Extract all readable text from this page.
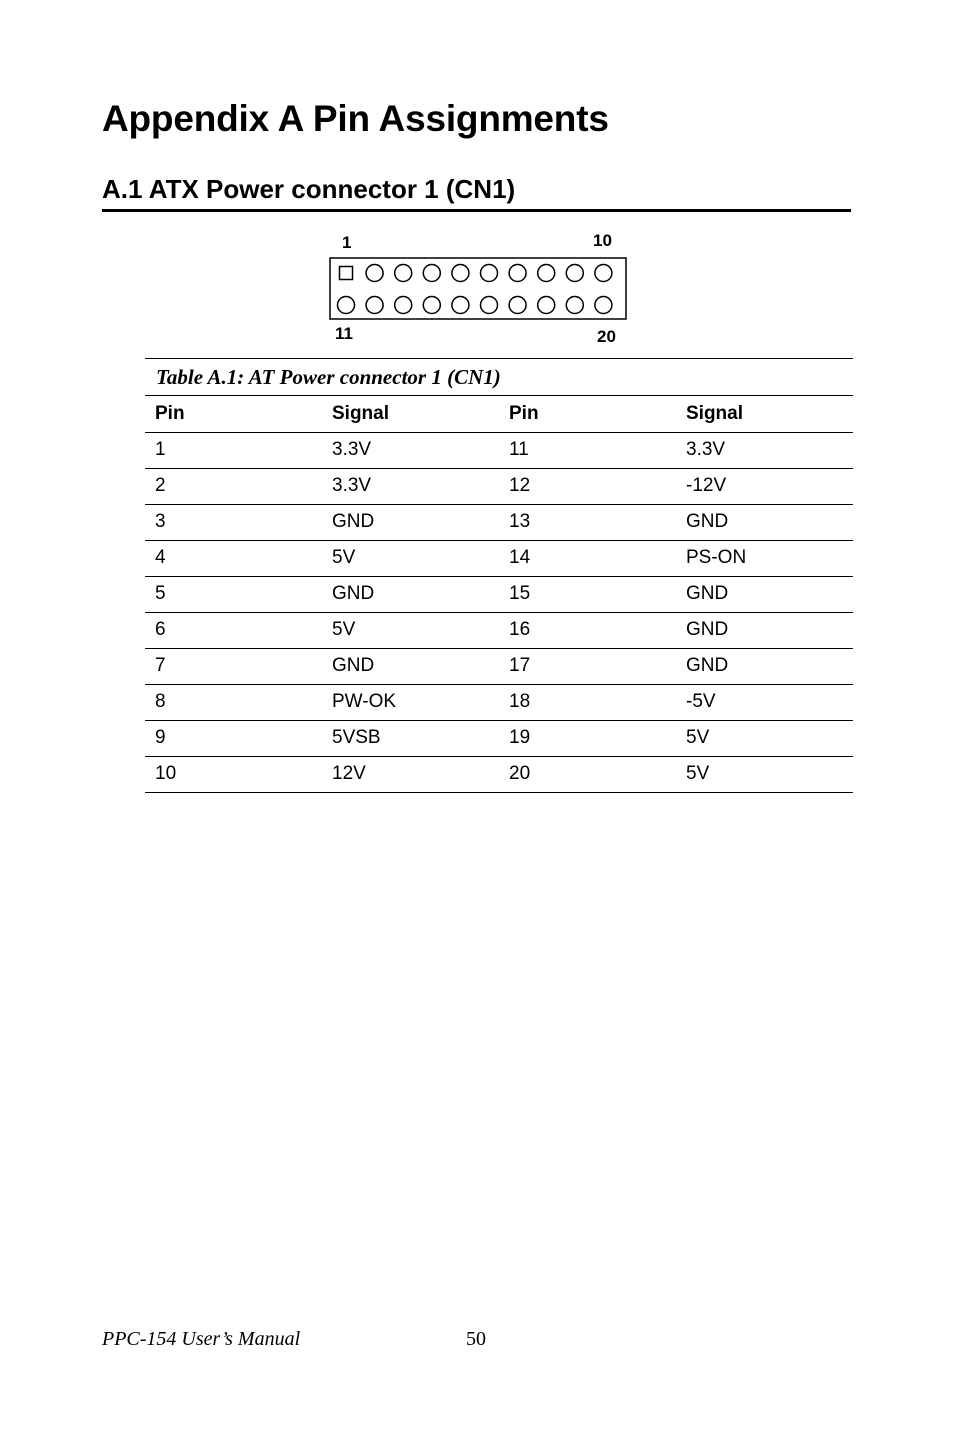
Appendix A Pin Assignments
A.1 ATX Power connector 1 (CN1)
1	10
11	20
Table A.1: AT Power connector 1 (CN1)
Pin	Signal	Pin	Signal
1	3.3V	11	3.3V
2	3.3V	12	-12V
3	GND	13	GND
4	5V	14	PS-ON
5	GND	15	GND
6	5V	16	GND
7	GND	17	GND
8	PW-OK	18	-5V
9	5VSB	19	5V
10	12V	20	5V
PPC-154 User’s Manual	50
